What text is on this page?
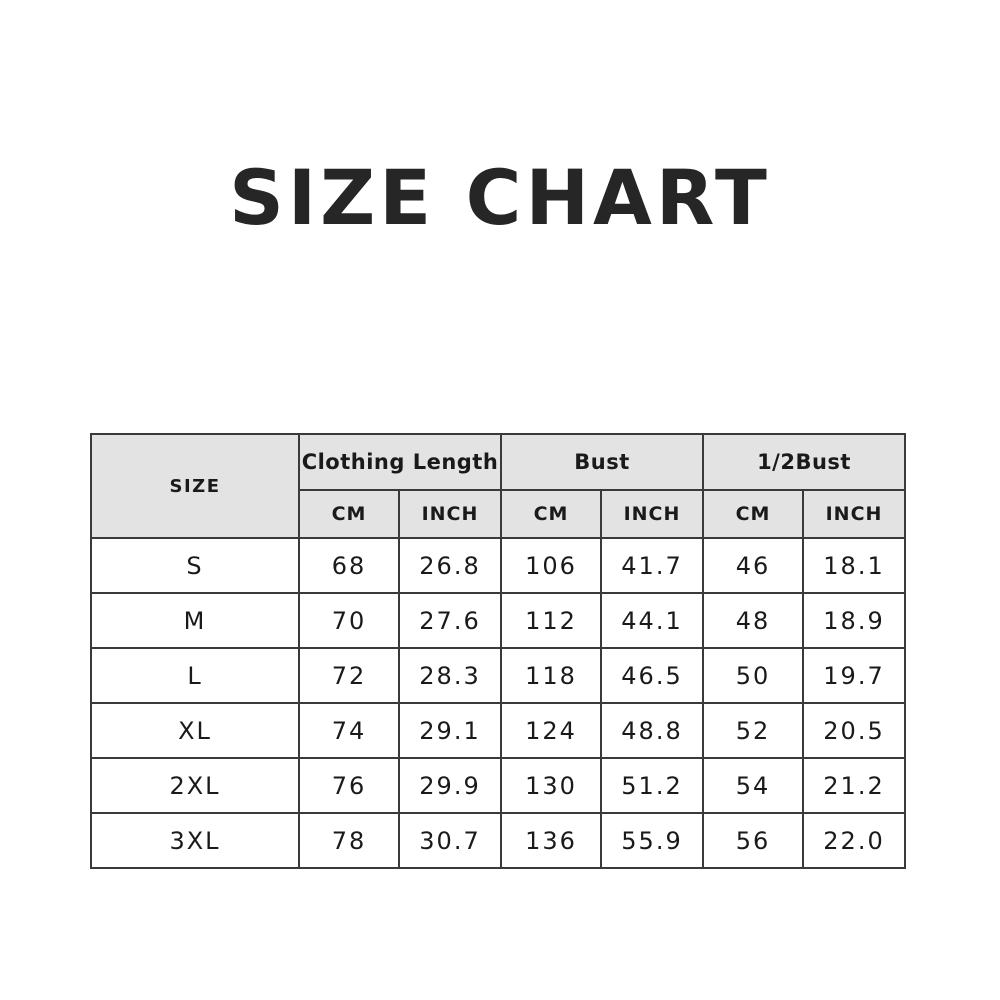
SIZE CHART
SIZE	Clothing Length		Bust		1/2Bust	
	CM	INCH	CM	INCH	CM	INCH
S	68	26.8	106	41.7	46	18.1
M	70	27.6	112	44.1	48	18.9
L	72	28.3	118	46.5	50	19.7
XL	74	29.1	124	48.8	52	20.5
2XL	76	29.9	130	51.2	54	21.2
3XL	78	30.7	136	55.9	56	22.0
